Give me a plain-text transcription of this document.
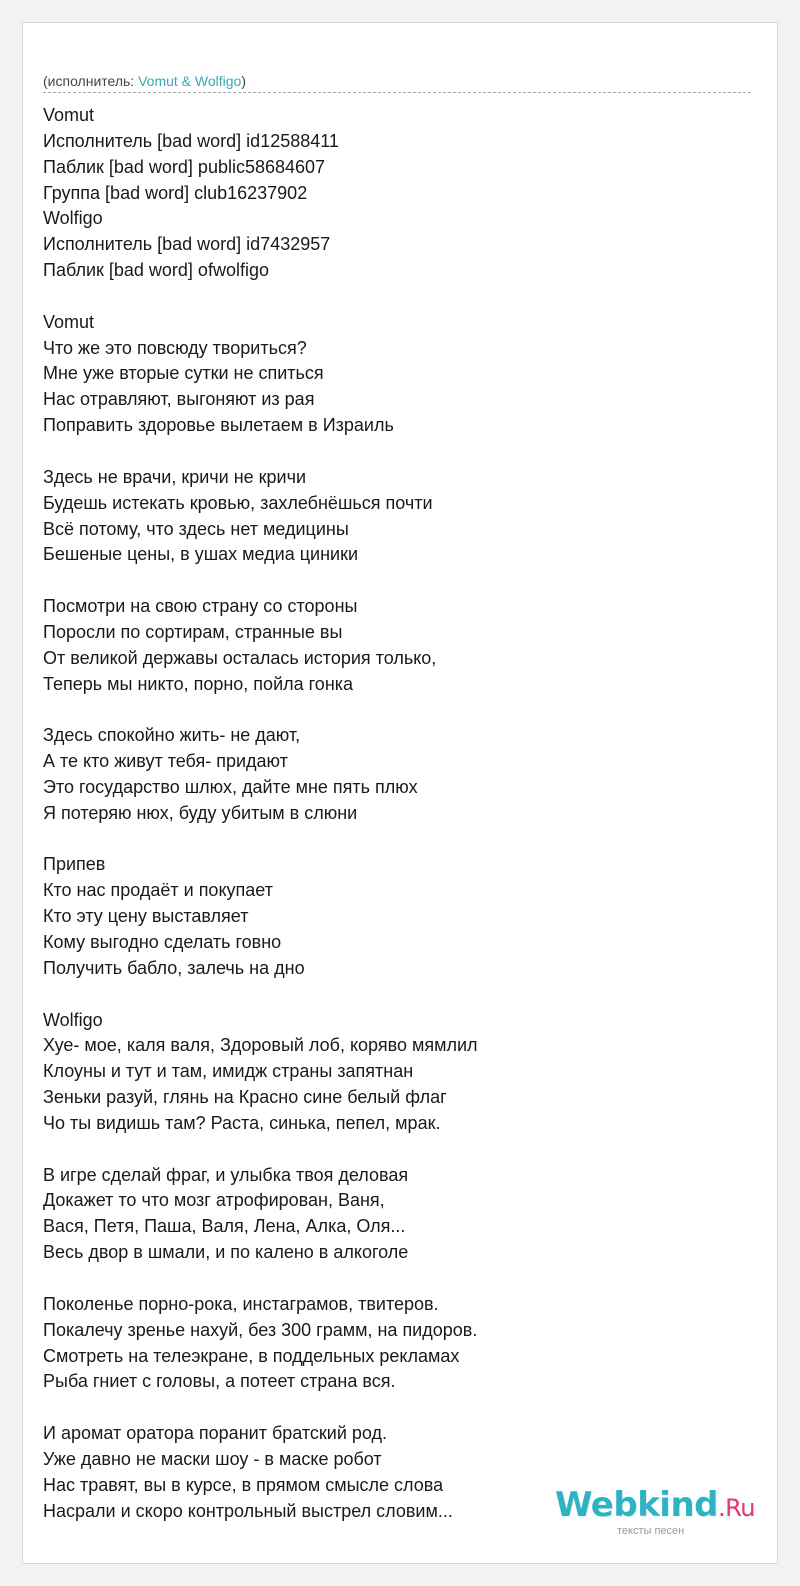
(исполнитель: Vomut & Wolfigo)
Vomut
Исполнитель [bad word] id12588411
Паблик [bad word] public58684607
Группа [bad word] club16237902
Wolfigo
Исполнитель [bad word] id7432957
Паблик [bad word] ofwolfigo
Vomut
Что же это повсюду твориться?
Мне уже вторые сутки не спиться
Нас отравляют, выгоняют из рая
Поправить здоровье вылетаем в Израиль
Здесь не врачи, кричи не кричи
Будешь истекать кровью, захлебнёшься почти
Всё потому, что здесь нет медицины
Бешеные цены, в ушах медиа циники
Посмотри на свою страну со стороны
Поросли по сортирам, странные вы
От великой державы осталась история только,
Теперь мы никто, порно, пойла гонка
Здесь спокойно жить- не дают,
А те кто живут тебя- придают
Это государство шлюх, дайте мне пять плюх
Я потеряю нюх, буду убитым в слюни
Припев
Кто нас продаёт и покупает
Кто эту цену выставляет
Кому выгодно сделать говно
Получить бабло, залечь на дно
Wolfigo
Хуе- мое, каля валя, Здоровый лоб, коряво мямлил
Клоуны и тут и там, имидж страны запятнан
Зеньки разуй, глянь на Красно сине белый флаг
Чо ты видишь там? Раста, синька, пепел, мрак.
В игре сделай фраг, и улыбка твоя деловая
Докажет то что мозг атрофирован, Ваня,
Вася, Петя, Паша, Валя, Лена, Алка, Оля...
Весь двор в шмали, и по калено в алкоголе
Поколенье порно-рока, инстаграмов, твитеров.
Покалечу зренье нахуй, без 300 грамм, на пидоров.
Смотреть на телеэкране, в поддельных рекламах
Рыба гниет с головы, а потеет страна вся.
И аромат оратора поранит братский род.
Уже давно не маски шоу - в маске робот
Нас травят, вы в курсе, в прямом смысле слова
Насрали и скоро контрольный выстрел словим...	Webkind.Ru
тексты песен
